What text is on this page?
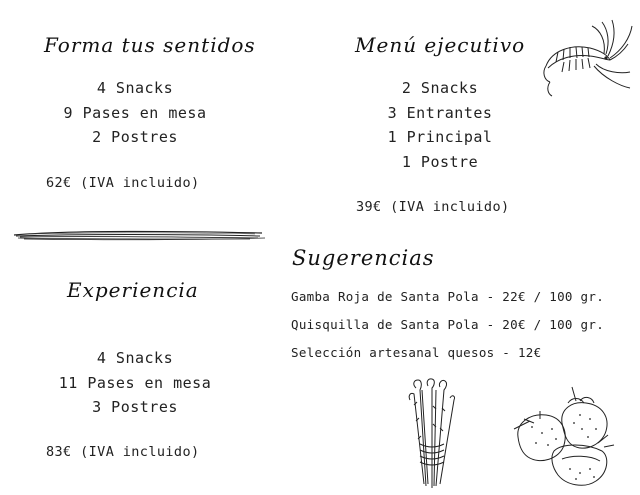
Forma tus sentidos
4 Snacks
9 Pases en mesa
2 Postres
62€ (IVA incluido)
Experiencia
4 Snacks
11 Pases en mesa
3 Postres
83€ (IVA incluido)
Menú ejecutivo
2 Snacks
3 Entrantes
1 Principal
1 Postre
39€ (IVA incluido)
Sugerencias
Gamba Roja de Santa Pola - 22€ / 100 gr.
Quisquilla de Santa Pola - 20€ / 100 gr.
Selección artesanal quesos - 12€
